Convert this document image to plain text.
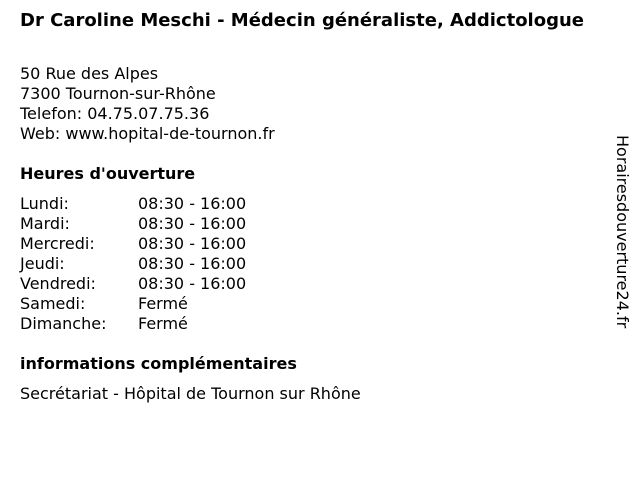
Dr Caroline Meschi - Médecin généraliste, Addictologue
50 Rue des Alpes
7300 Tournon-sur-Rhône
Telefon: 04.75.07.75.36
Web: www.hopital-de-tournon.fr
Heures d'ouverture
Lundi:	08:30 - 16:00
Mardi:	08:30 - 16:00
Mercredi:	08:30 - 16:00
Jeudi:	08:30 - 16:00
Vendredi:	08:30 - 16:00
Samedi:	Fermé
Dimanche:	Fermé
informations complémentaires
Secrétariat - Hôpital de Tournon sur Rhône
Horairesdouverture24.fr
